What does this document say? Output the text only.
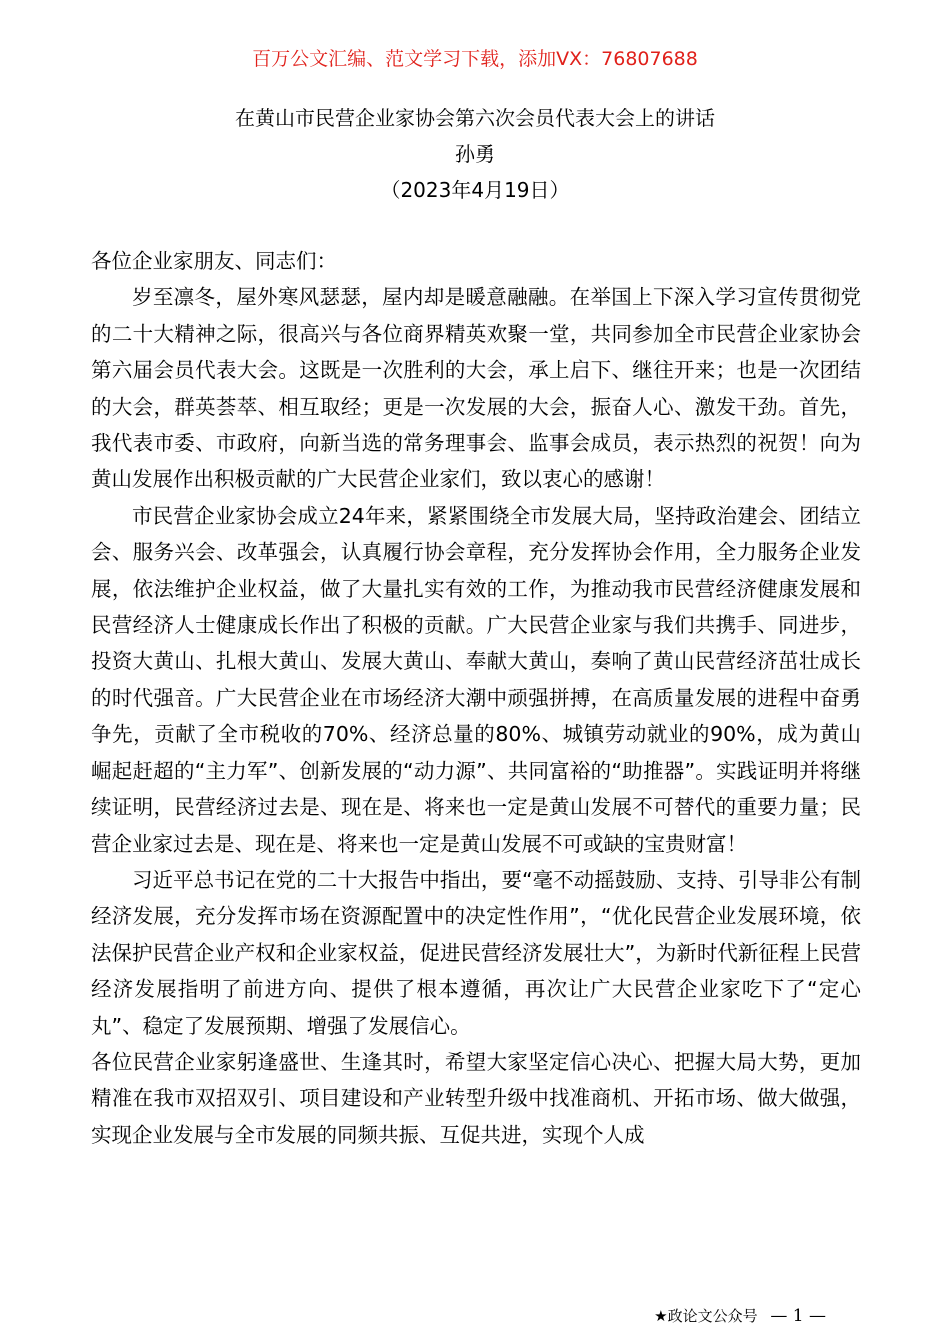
百万公文汇编、范文学习下载，添加VX：76807688
在黄山市民营企业家协会第六次会员代表大会上的讲话
孙勇
（2023年4月19日）

各位企业家朋友、同志们：

岁至凛冬，屋外寒风瑟瑟，屋内却是暖意融融。在举国上下深入学习宣传贯彻党的二十大精神之际，很高兴与各位商界精英欢聚一堂，共同参加全市民营企业家协会第六届会员代表大会。这既是一次胜利的大会，承上启下、继往开来；也是一次团结的大会，群英荟萃、相互取经；更是一次发展的大会，振奋人心、激发干劲。首先，我代表市委、市政府，向新当选的常务理事会、监事会成员，表示热烈的祝贺！向为黄山发展作出积极贡献的广大民营企业家们，致以衷心的感谢！

市民营企业家协会成立24年来，紧紧围绕全市发展大局，坚持政治建会、团结立会、服务兴会、改革强会，认真履行协会章程，充分发挥协会作用，全力服务企业发展，依法维护企业权益，做了大量扎实有效的工作，为推动我市民营经济健康发展和民营经济人士健康成长作出了积极的贡献。广大民营企业家与我们共携手、同进步，投资大黄山、扎根大黄山、发展大黄山、奉献大黄山，奏响了黄山民营经济茁壮成长的时代强音。广大民营企业在市场经济大潮中顽强拼搏，在高质量发展的进程中奋勇争先，贡献了全市税收的70%、经济总量的80%、城镇劳动就业的90%，成为黄山崛起赶超的“主力军”、创新发展的“动力源”、共同富裕的“助推器”。实践证明并将继续证明，民营经济过去是、现在是、将来也一定是黄山发展不可替代的重要力量；民营企业家过去是、现在是、将来也一定是黄山发展不可或缺的宝贵财富！

习近平总书记在党的二十大报告中指出，要“毫不动摇鼓励、支持、引导非公有制经济发展，充分发挥市场在资源配置中的决定性作用”，“优化民营企业发展环境，依法保护民营企业产权和企业家权益，促进民营经济发展壮大”，为新时代新征程上民营经济发展指明了前进方向、提供了根本遵循，再次让广大民营企业家吃下了“定心丸”、稳定了发展预期、增强了发展信心。

各位民营企业家躬逢盛世、生逢其时，希望大家坚定信心决心、把握大局大势，更加精准在我市双招双引、项目建设和产业转型升级中找准商机、开拓市场、做大做强，实现企业发展与全市发展的同频共振、互促共进，实现个人成

★政论文公众号 — 1 —
